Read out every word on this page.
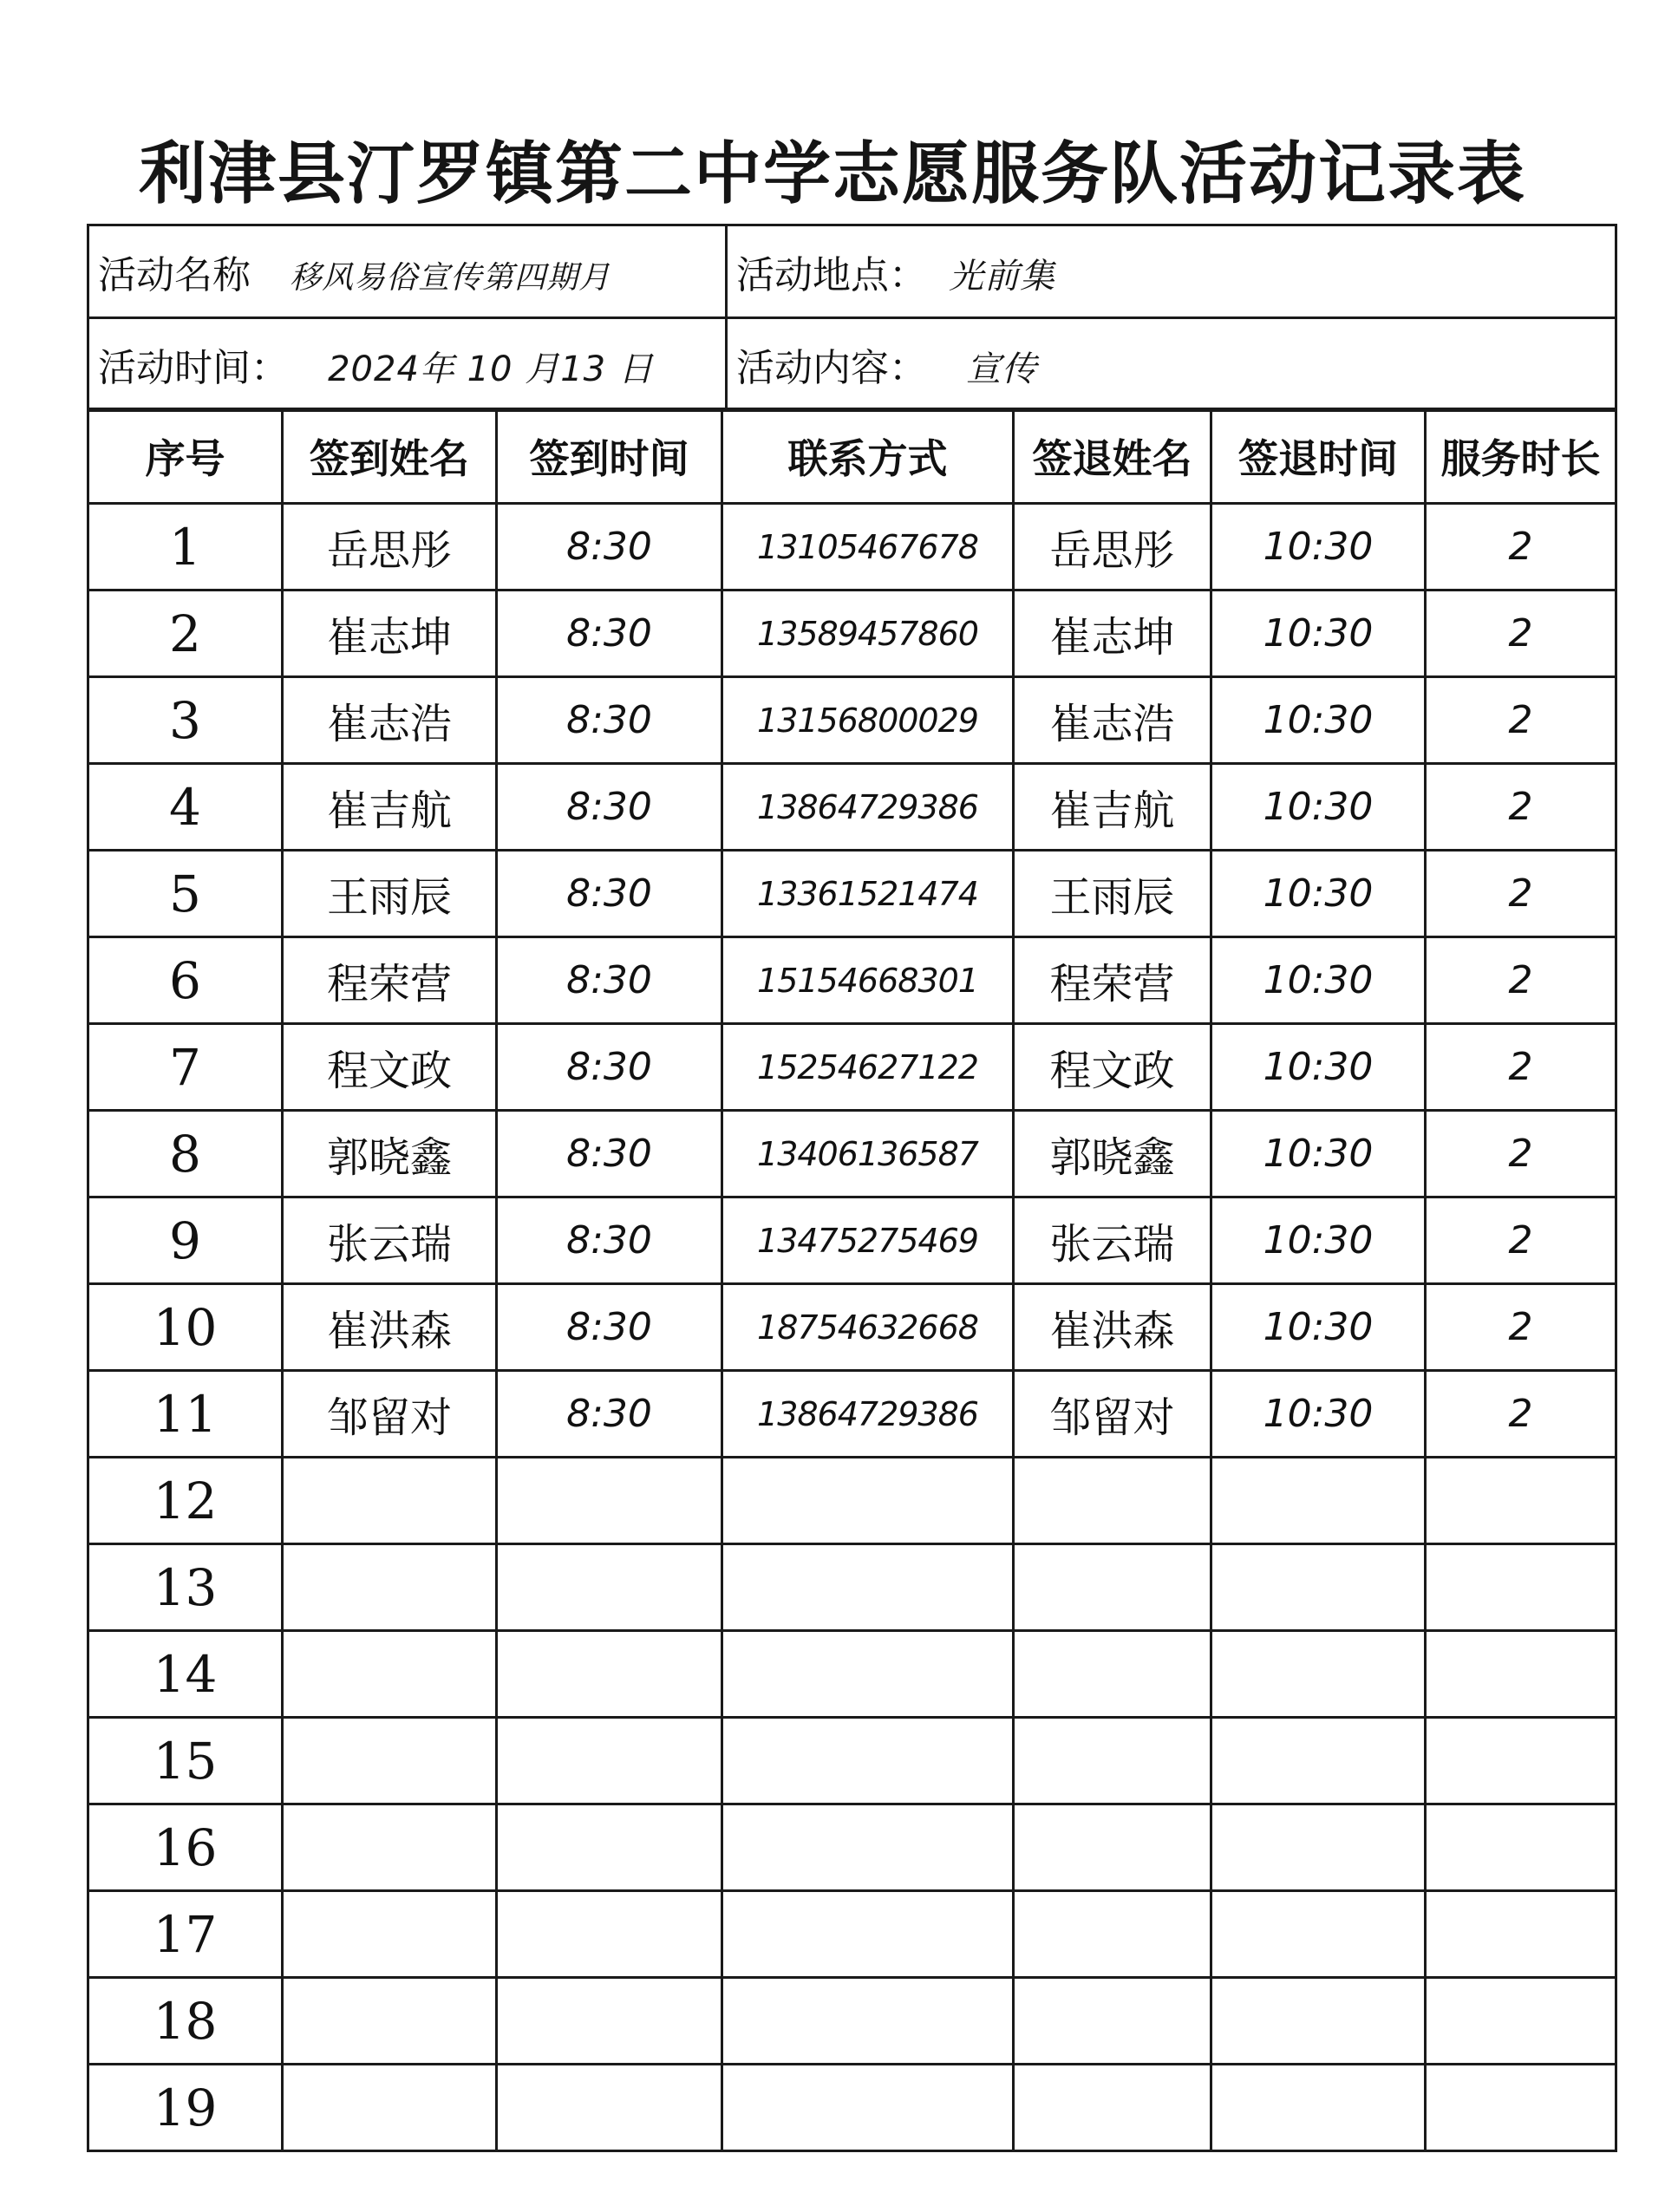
利津县汀罗镇第二中学志愿服务队活动记录表
活动名称 移风易俗宣传第四期月	活动地点： 光前集
活动时间： 2024年 10 月13 日	活动内容： 宣传
序号	签到姓名	签到时间	联系方式	签退姓名	签退时间	服务时长
1	岳思彤	8:30	13105467678	岳思彤	10:30	2
2	崔志坤	8:30	13589457860	崔志坤	10:30	2
3	崔志浩	8:30	13156800029	崔志浩	10:30	2
4	崔吉航	8:30	13864729386	崔吉航	10:30	2
5	王雨辰	8:30	13361521474	王雨辰	10:30	2
6	程荣营	8:30	15154668301	程荣营	10:30	2
7	程文政	8:30	15254627122	程文政	10:30	2
8	郭晓鑫	8:30	13406136587	郭晓鑫	10:30	2
9	张云瑞	8:30	13475275469	张云瑞	10:30	2
10	崔洪森	8:30	18754632668	崔洪森	10:30	2
11	邹留对	8:30	13864729386	邹留对	10:30	2
12						
13						
14						
15						
16						
17						
18						
19						
